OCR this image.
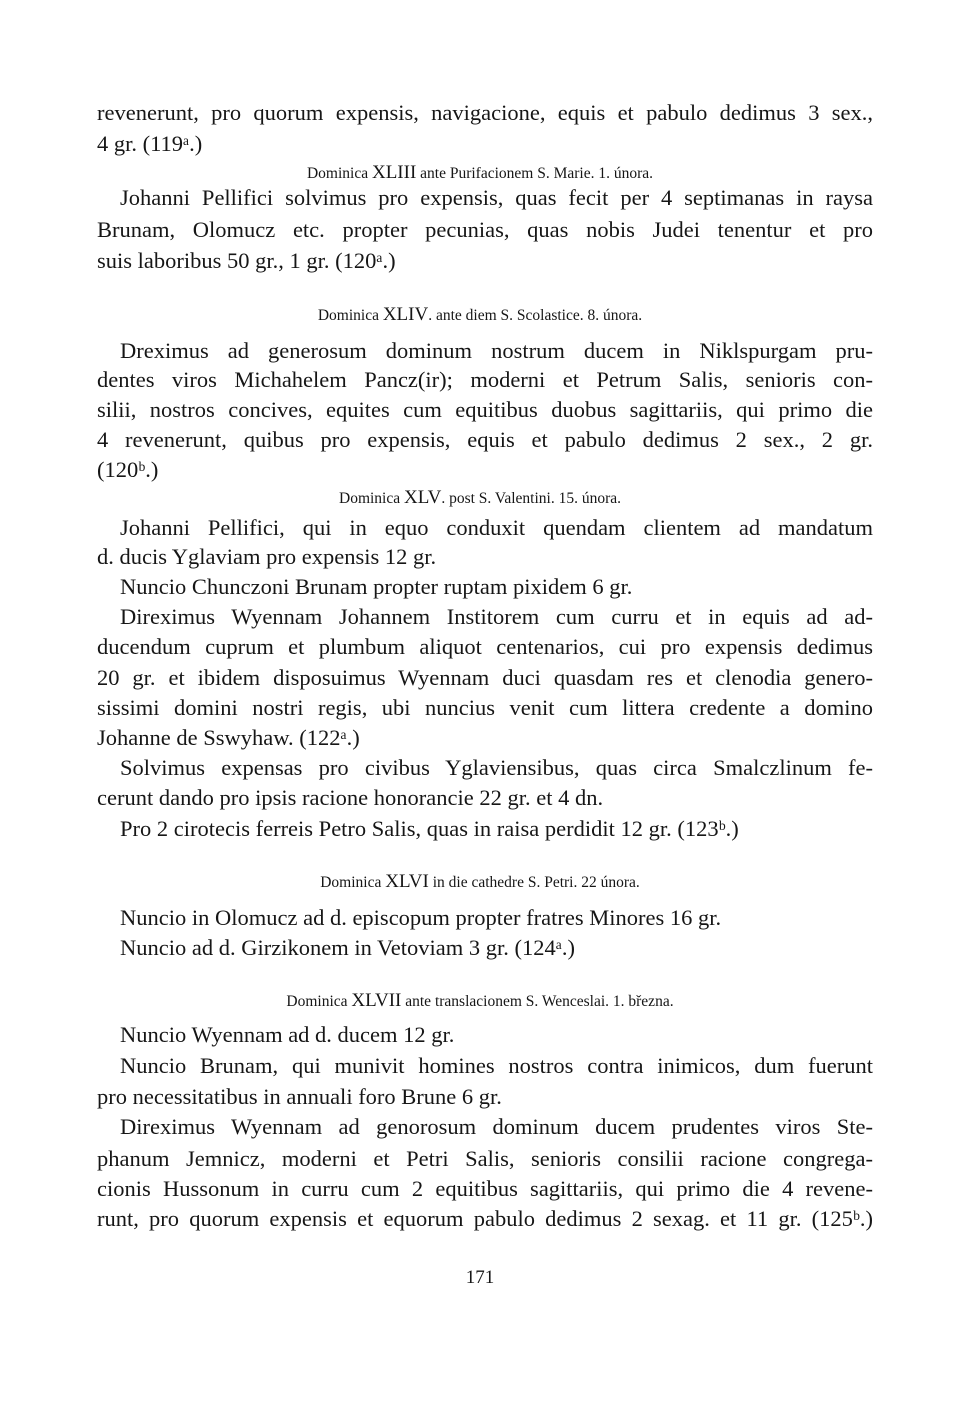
revenerunt, pro quorum expensis, navigacione, equis et pabulo dedimus 3 sex.,
4 gr. (119ᵃ.)
Dominica XLIII ante Purifacionem S. Marie. 1. února.
Johanni Pellifici solvimus pro expensis, quas fecit per 4 septimanas in raysa
Brunam, Olomucz etc. propter pecunias, quas nobis Judei tenentur et pro
suis laboribus 50 gr., 1 gr. (120ᵃ.)
Dominica XLIV. ante diem S. Scolastice. 8. února.
Dreximus ad generosum dominum nostrum ducem in Niklspurgam pru-
dentes viros Michahelem Pancz(ir); moderni et Petrum Salis, senioris con-
silii, nostros concives, equites cum equitibus duobus sagittariis, qui primo die
4 revenerunt, quibus pro expensis, equis et pabulo dedimus 2 sex., 2 gr.
(120ᵇ.)
Dominica XLV. post S. Valentini. 15. února.
Johanni Pellifici, qui in equo conduxit quendam clientem ad mandatum
d. ducis Yglaviam pro expensis 12 gr.
Nuncio Chunczoni Brunam propter ruptam pixidem 6 gr.
Direximus Wyennam Johannem Institorem cum curru et in equis ad ad-
ducendum cuprum et plumbum aliquot centenarios, cui pro expensis dedimus
20 gr. et ibidem disposuimus Wyennam duci quasdam res et clenodia genero-
sissimi domini nostri regis, ubi nuncius venit cum littera credente a domino
Johanne de Sswyhaw. (122ᵃ.)
Solvimus expensas pro civibus Yglaviensibus, quas circa Smalczlinum fe-
cerunt dando pro ipsis racione honorancie 22 gr. et 4 dn.
Pro 2 cirotecis ferreis Petro Salis, quas in raisa perdidit 12 gr. (123ᵇ.)
Dominica XLVI in die cathedre S. Petri. 22 února.
Nuncio in Olomucz ad d. episcopum propter fratres Minores 16 gr.
Nuncio ad d. Girzikonem in Vetoviam 3 gr. (124ᵃ.)
Dominica XLVII ante translacionem S. Wenceslai. 1. března.
Nuncio Wyennam ad d. ducem 12 gr.
Nuncio Brunam, qui munivit homines nostros contra inimicos, dum fuerunt
pro necessitatibus in annuali foro Brune 6 gr.
Direximus Wyennam ad genorosum dominum ducem prudentes viros Ste-
phanum Jemnicz, moderni et Petri Salis, senioris consilii racione congrega-
cionis Hussonum in curru cum 2 equitibus sagittariis, qui primo die 4 revene-
runt, pro quorum expensis et equorum pabulo dedimus 2 sexag. et 11 gr. (125ᵇ.)
171
